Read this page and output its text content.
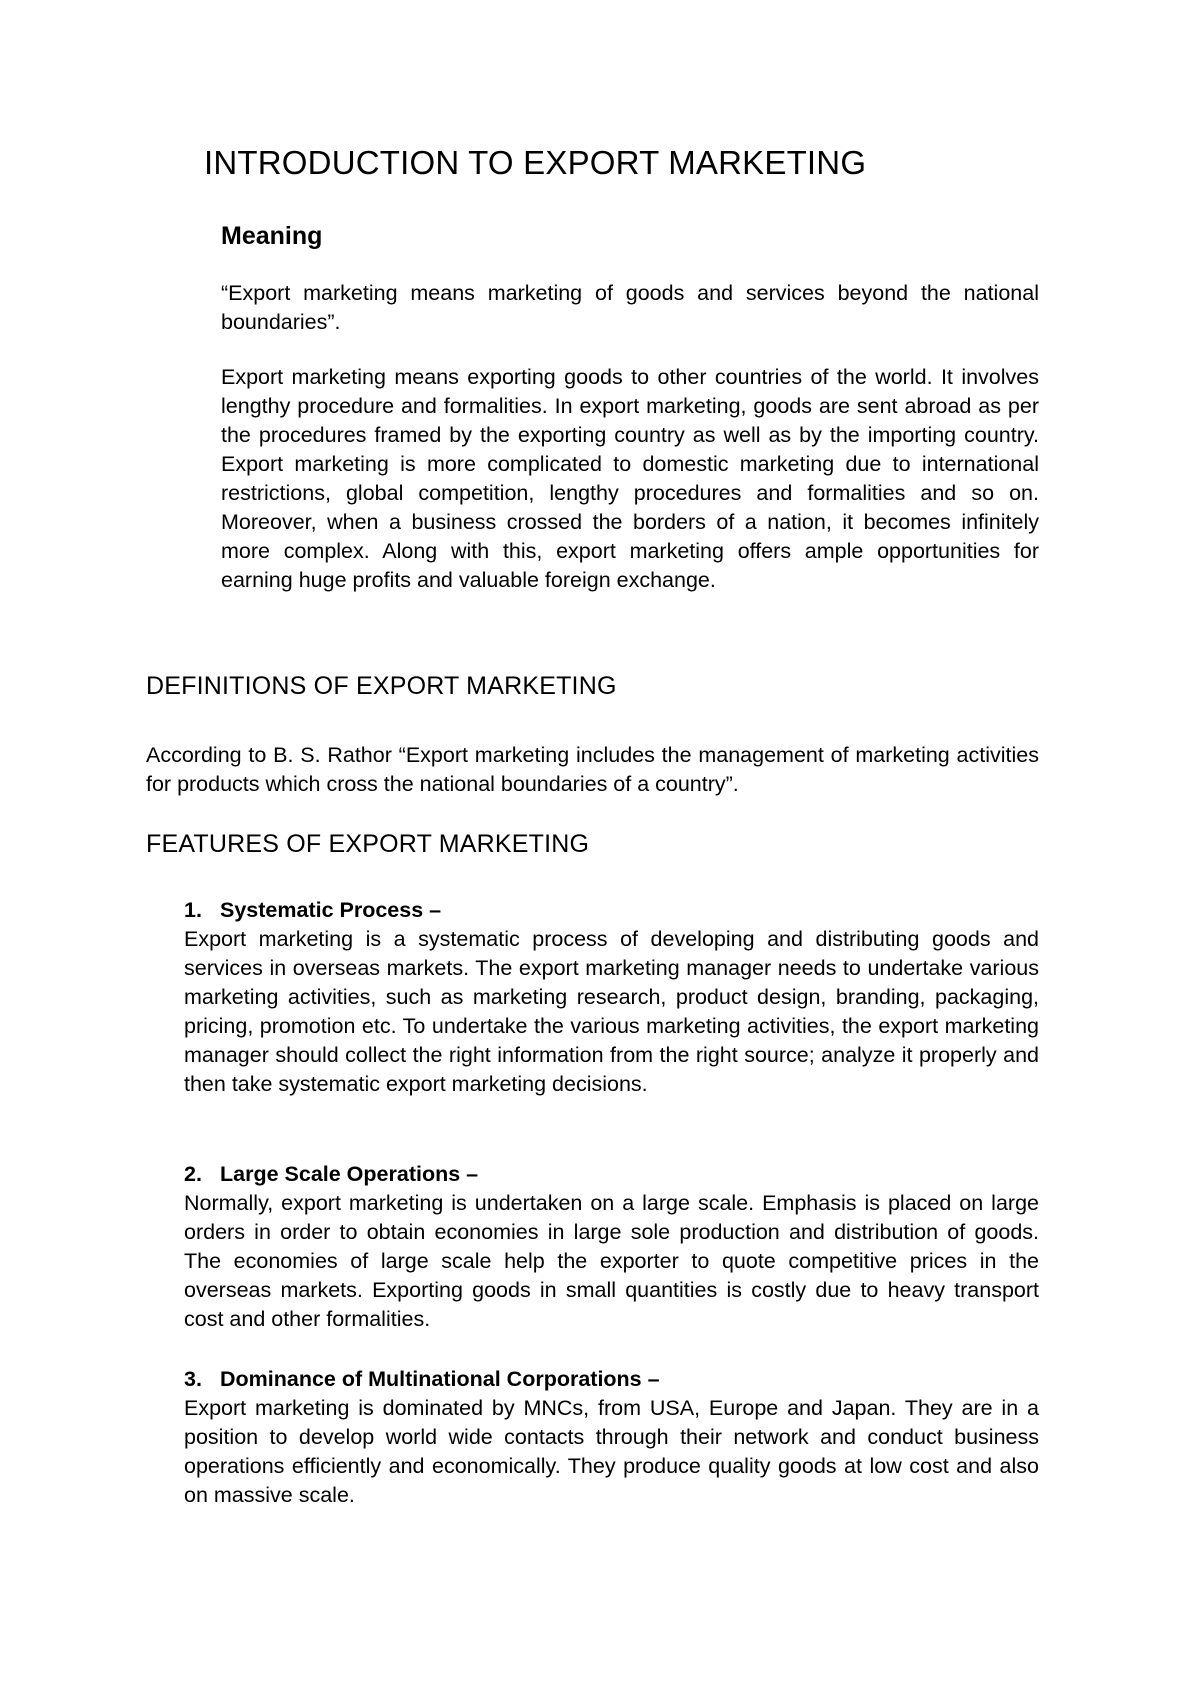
INTRODUCTION TO EXPORT MARKETING
Meaning

“Export marketing means marketing of goods and services beyond the national boundaries”.

Export marketing means exporting goods to other countries of the world. It involves lengthy procedure and formalities. In export marketing, goods are sent abroad as per the procedures framed by the exporting country as well as by the importing country. Export marketing is more complicated to domestic marketing due to international restrictions, global competition, lengthy procedures and formalities and so on. Moreover, when a business crossed the borders of a nation, it becomes infinitely more complex. Along with this, export marketing offers ample opportunities for earning huge profits and valuable foreign exchange.

DEFINITIONS OF EXPORT MARKETING

According to B. S. Rathor “Export marketing includes the management of marketing activities for products which cross the national boundaries of a country”.

FEATURES OF EXPORT MARKETING

1. Systematic Process –

Export marketing is a systematic process of developing and distributing goods and services in overseas markets. The export marketing manager needs to undertake various marketing activities, such as marketing research, product design, branding, packaging, pricing, promotion etc. To undertake the various marketing activities, the export marketing manager should collect the right information from the right source; analyze it properly and then take systematic export marketing decisions.

2. Large Scale Operations –

Normally, export marketing is undertaken on a large scale. Emphasis is placed on large orders in order to obtain economies in large sole production and distribution of goods. The economies of large scale help the exporter to quote competitive prices in the overseas markets. Exporting goods in small quantities is costly due to heavy transport cost and other formalities.

3. Dominance of Multinational Corporations –

Export marketing is dominated by MNCs, from USA, Europe and Japan. They are in a position to develop world wide contacts through their network and conduct business operations efficiently and economically. They produce quality goods at low cost and also on massive scale.
